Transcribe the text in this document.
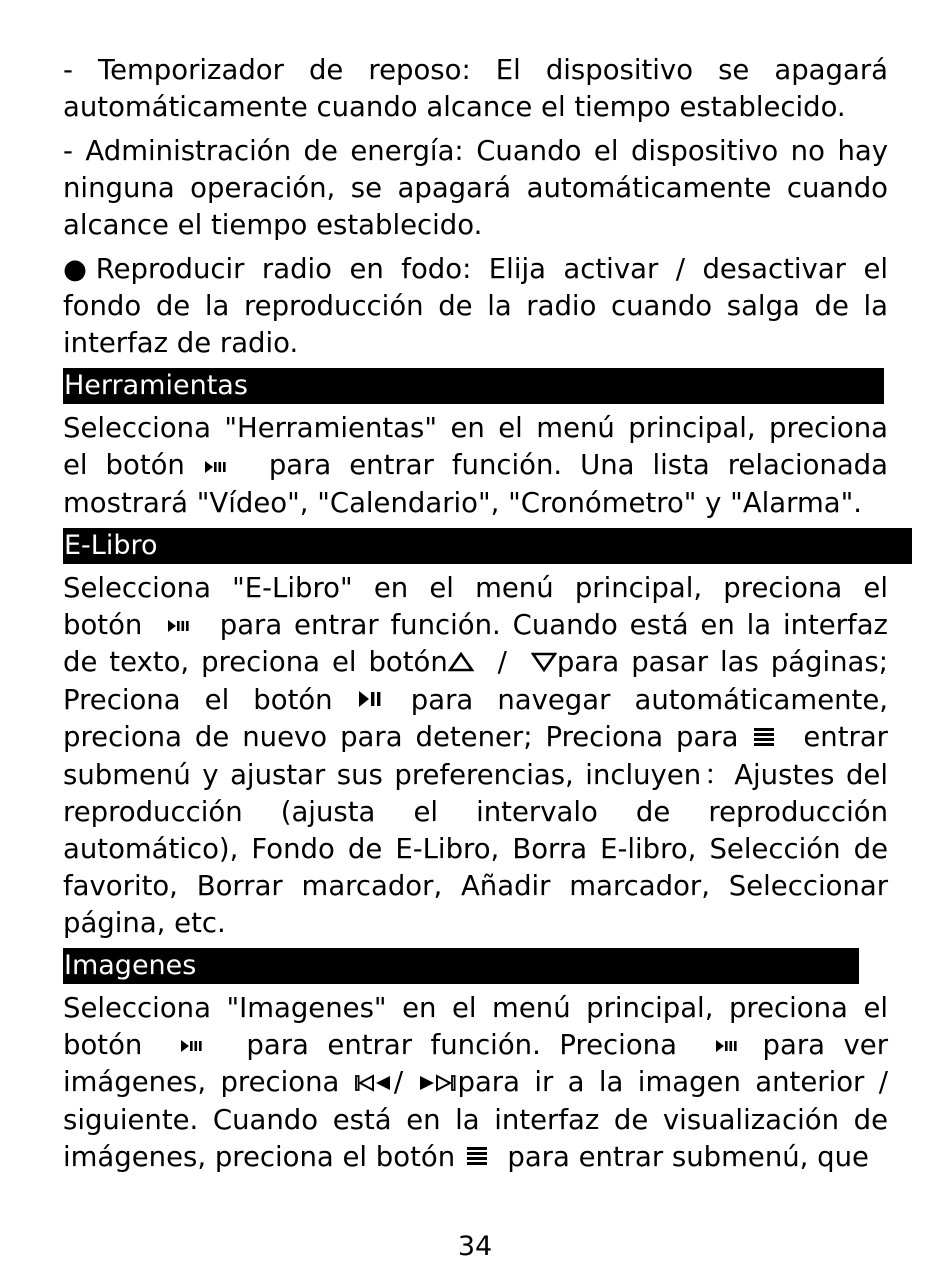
- Temporizador de reposo: El dispositivo se apagará automáticamente cuando alcance el tiempo establecido.

- Administración de energía: Cuando el dispositivo no hay ninguna operación, se apagará automáticamente cuando alcance el tiempo establecido.

●Reproducir radio en fodo: Elija activar / desactivar el fondo de la reproducción de la radio cuando salga de la interfaz de radio.

Herramientas

Selecciona "Herramientas" en el menú principal, preciona el botón	para entrar función. Una lista relacionada mostrará "Vídeo", "Calendario", "Cronómetro" y "Alarma".

E-Libro

Selecciona "E-Libro" en el menú principal, preciona el botón	para entrar función. Cuando está en la interfaz de texto, preciona el botón / para pasar las páginas; Preciona el botón	para navegar automáticamente, preciona de nuevo para detener; Preciona para entrar submenú y ajustar sus preferencias, incluyen：Ajustes del reproducción (ajusta el intervalo de reproducción automático), Fondo de E-Libro, Borra E-libro, Selección de favorito, Borrar marcador, Añadir marcador, Seleccionar página, etc.

Imagenes

Selecciona "Imagenes" en el menú principal, preciona el botón	para entrar función. Preciona	para ver imágenes, preciona / para ir a la imagen anterior / siguiente. Cuando está en la interfaz de visualización de imágenes, preciona el botón para entrar submenú, que

34
